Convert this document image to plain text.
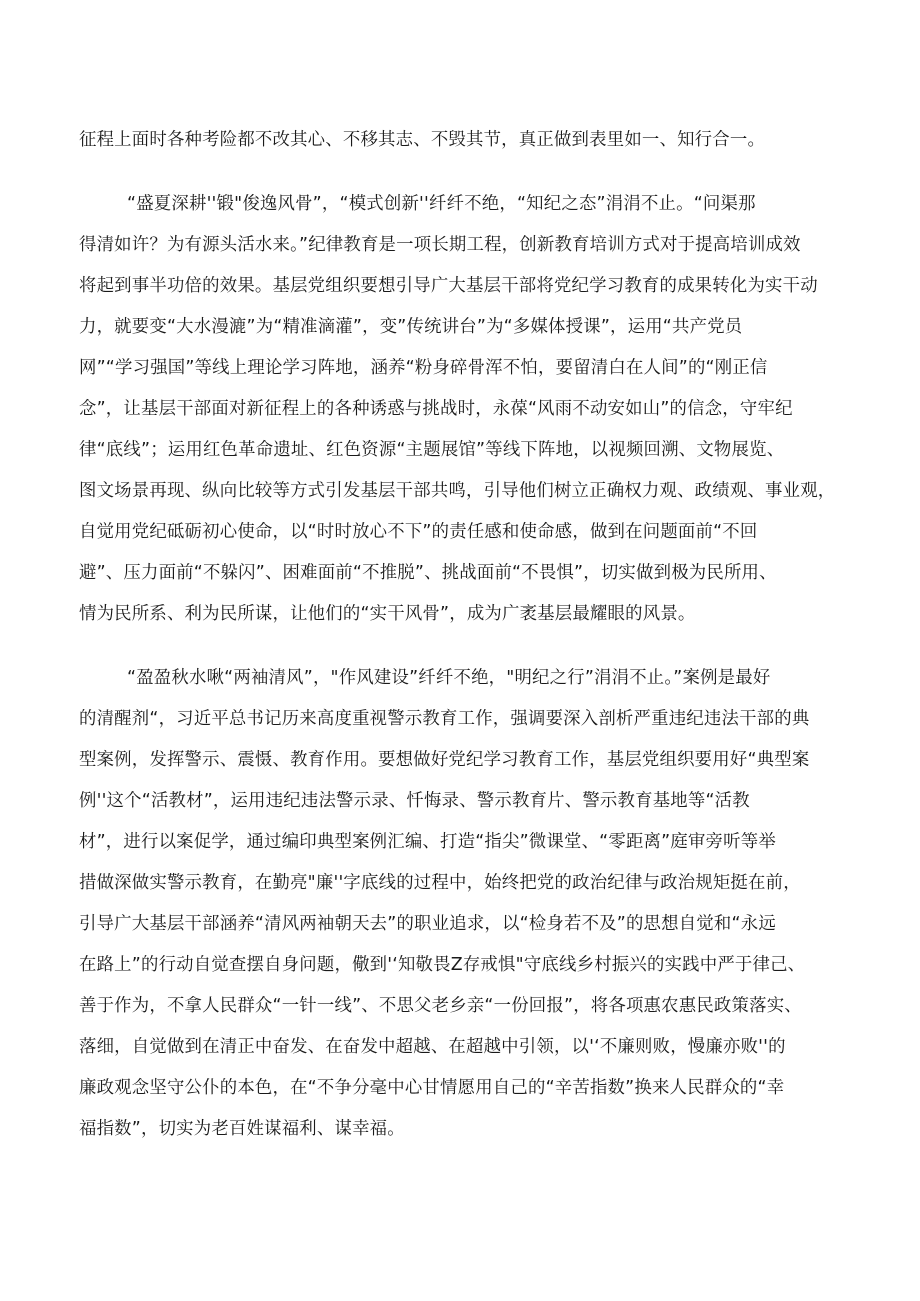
征程上面时各种考险都不改其心、不移其志、不毁其节，真正做到表里如一、知行合一。
“盛夏深耕''锻"俊逸风骨”，“模式创新''纤纤不绝，“知纪之态”涓涓不止。“问渠那
得清如许？为有源头活水来。”纪律教育是一项长期工程，创新教育培训方式对于提高培训成效
将起到事半功倍的效果。基层党组织要想引导广大基层干部将党纪学习教育的成果转化为实干动
力，就要变“大水漫漉”为“精准滴灌”，变”传统讲台”为“多媒体授课”，运用“共产党员
网”“学习强国”等线上理论学习阵地，涵养“粉身碎骨浑不怕，要留清白在人间”的“刚正信
念”，让基层干部面对新征程上的各种诱惑与挑战时，永葆“风雨不动安如山”的信念，守牢纪
律“底线”；运用红色革命遗址、红色资源“主题展馆”等线下阵地，以视频回溯、文物展览、
图文场景再现、纵向比较等方式引发基层干部共鸣，引导他们树立正确权力观、政绩观、事业观，
自觉用党纪砥砺初心使命，以“时时放心不下”的责任感和使命感，做到在问题面前“不回
避”、压力面前“不躲闪”、困难面前“不推脱”、挑战面前“不畏惧”，切实做到极为民所用、
情为民所系、利为民所谋，让他们的“实干风骨”，成为广袤基层最耀眼的风景。
“盈盈秋水啾“两袖清风”，"作风建设”纤纤不绝，"明纪之行”涓涓不止。”案例是最好
的清醒剂“，习近平总书记历来高度重视警示教育工作，强调要深入剖析严重违纪违法干部的典
型案例，发挥警示、震慑、教育作用。要想做好党纪学习教育工作，基层党组织要用好“典型案
例''这个“活教材”，运用违纪违法警示录、忏悔录、警示教育片、警示教育基地等“活教
材”，进行以案促学，通过编印典型案例汇编、打造“指尖”微课堂、“零距离”庭审旁听等举
措做深做实警示教育，在勤亮"廉''字底线的过程中，始终把党的政治纪律与政治规矩挺在前，
引导广大基层干部涵养“清风两袖朝天去”的职业追求，以“检身若不及”的思想自觉和“永远
在路上”的行动自觉查摆自身问题，儆到'‘知敬畏Z存戒惧"守底线乡村振兴的实践中严于律己、
善于作为，不拿人民群众“一针一线”、不思父老乡亲“一份回报”，将各项惠农惠民政策落实、
落细，自觉做到在清正中奋发、在奋发中超越、在超越中引领，以'‘不廉则败，慢廉亦败''的
廉政观念坚守公仆的本色，在“不争分毫中心甘情愿用自己的“辛苦指数”换来人民群众的“幸
福指数”，切实为老百姓谋福利、谋幸福。
